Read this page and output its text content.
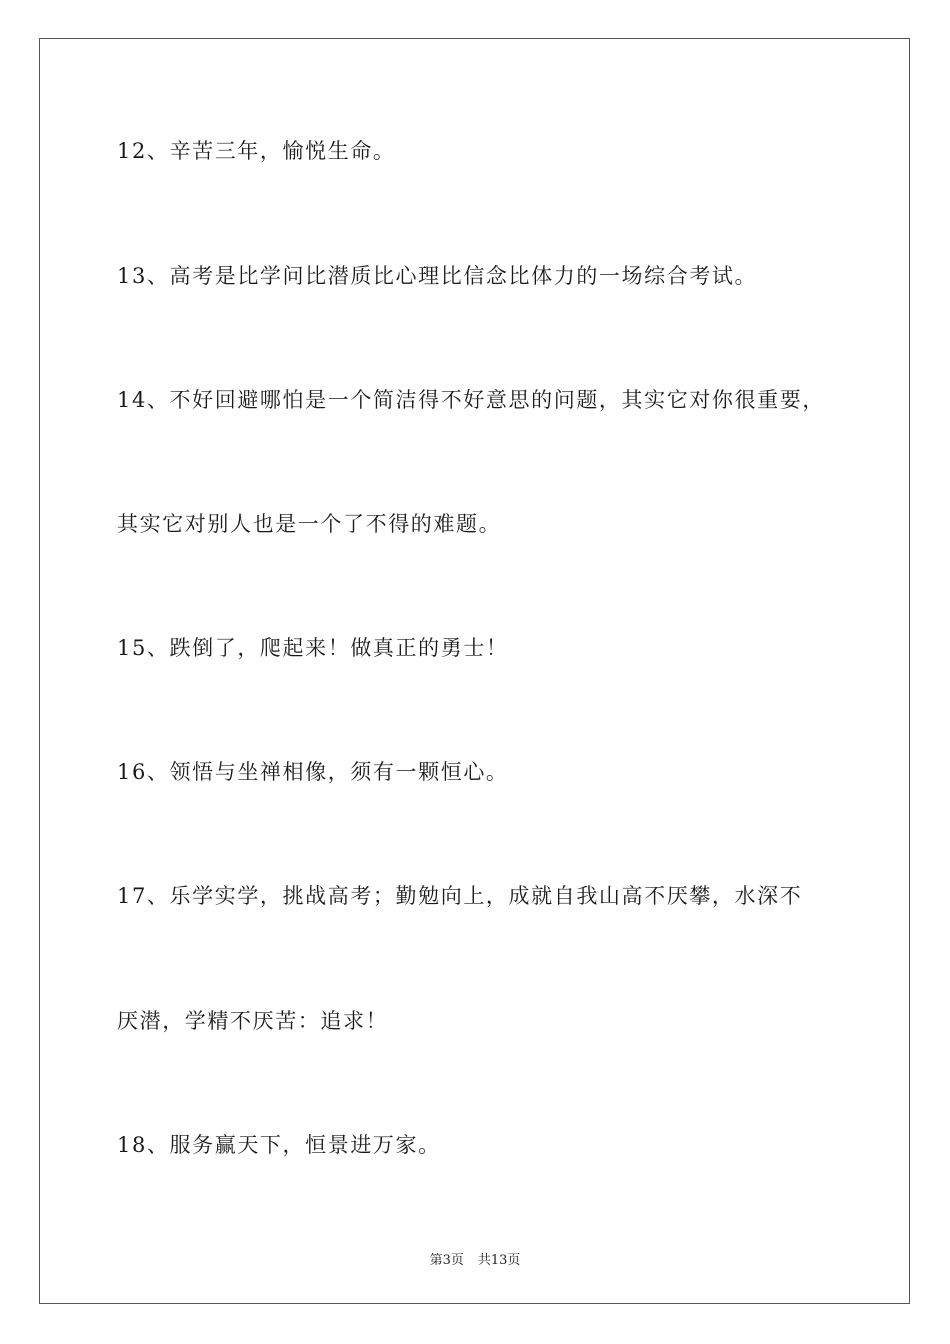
12、辛苦三年，愉悦生命。
13、高考是比学问比潜质比心理比信念比体力的一场综合考试。
14、不好回避哪怕是一个简洁得不好意思的问题，其实它对你很重要，
其实它对别人也是一个了不得的难题。
15、跌倒了，爬起来！做真正的勇士！
16、领悟与坐禅相像，须有一颗恒心。
17、乐学实学，挑战高考；勤勉向上，成就自我山高不厌攀，水深不
厌潜，学精不厌苦：追求！
18、服务赢天下，恒景进万家。
第3页 共13页
